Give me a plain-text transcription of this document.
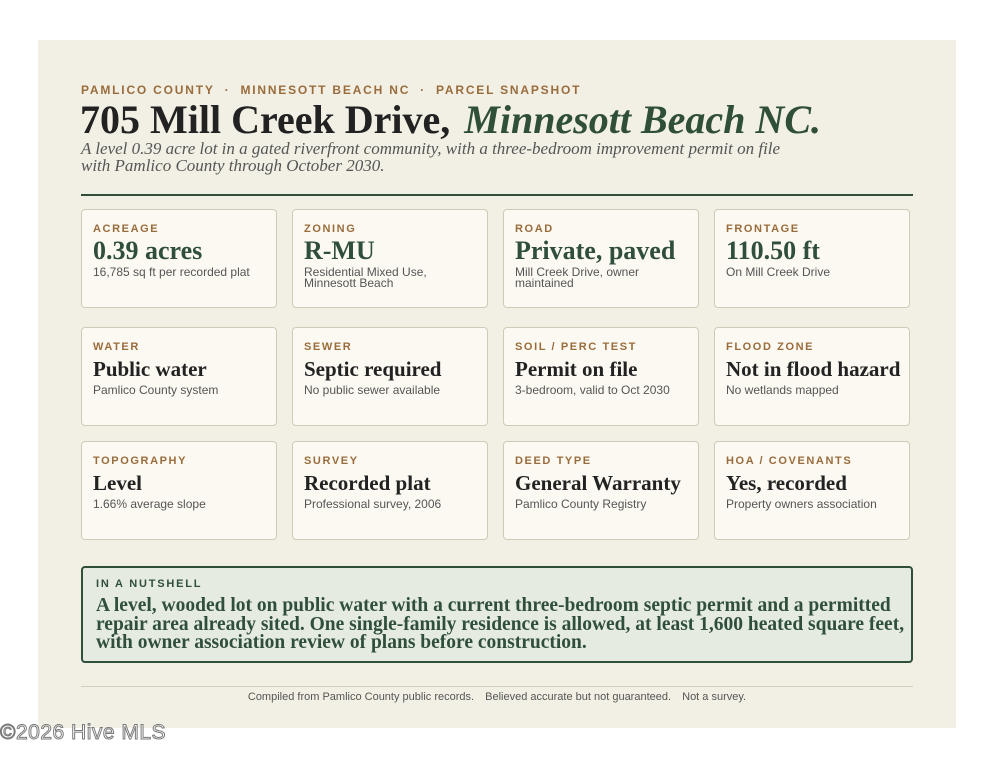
PAMLICO COUNTY · MINNESOTT BEACH NC · PARCEL SNAPSHOT
705 Mill Creek Drive, Minnesott Beach NC.

A level 0.39 acre lot in a gated riverfront community, with a three-bedroom improvement permit on file with Pamlico County through October 2030.

ACREAGE
0.39 acres
16,785 sq ft per recorded plat
ZONING
R-MU
Residential Mixed Use, Minnesott Beach
ROAD
Private, paved
Mill Creek Drive, owner maintained
FRONTAGE
110.50 ft
On Mill Creek Drive
WATER
Public water
Pamlico County system
SEWER
Septic required
No public sewer available
SOIL / PERC TEST
Permit on file
3-bedroom, valid to Oct 2030
FLOOD ZONE
Not in flood hazard
No wetlands mapped
TOPOGRAPHY
Level
1.66% average slope
SURVEY
Recorded plat
Professional survey, 2006
DEED TYPE
General Warranty
Pamlico County Registry
HOA / COVENANTS
Yes, recorded
Property owners association
IN A NUTSHELL

A level, wooded lot on public water with a current three-bedroom septic permit and a permitted repair area already sited. One single-family residence is allowed, at least 1,600 heated square feet, with owner association review of plans before construction.

Compiled from Pamlico County public records. Believed accurate but not guaranteed. Not a survey.
©2026 Hive MLS
